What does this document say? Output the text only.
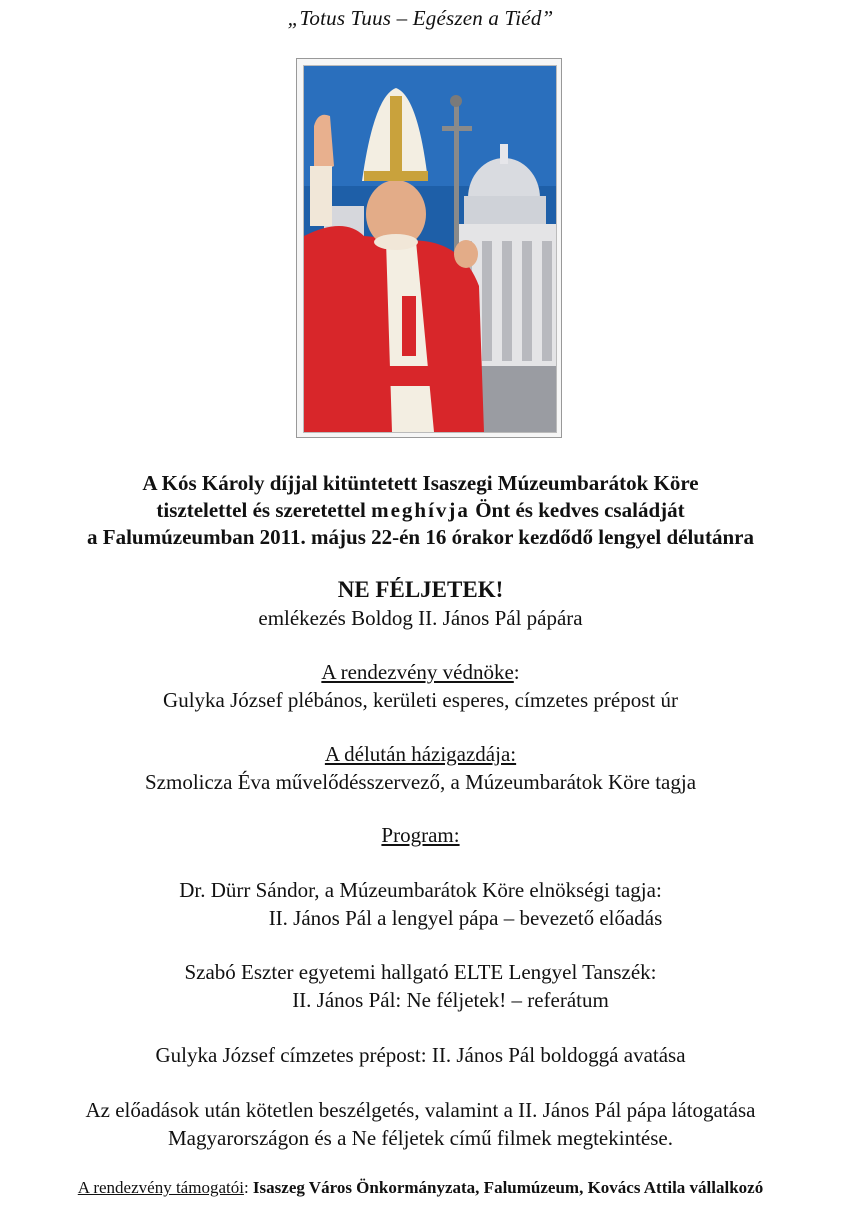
„Totus Tuus – Egészen a Tiéd”
A Kós Károly díjjal kitüntetett Isaszegi Múzeumbarátok Köre
tisztelettel és szeretettel meghívja Önt és kedves családját
a Falumúzeumban 2011. május 22-én 16 órakor kezdődő lengyel délutánra
NE FÉLJETEK!
emlékezés Boldog II. János Pál pápára
A rendezvény védnöke:
Gulyka József plébános, kerületi esperes, címzetes prépost úr
A délután házigazdája:
Szmolicza Éva művelődésszervező, a Múzeumbarátok Köre tagja
Program:
Dr. Dürr Sándor, a Múzeumbarátok Köre elnökségi tagja:
II. János Pál a lengyel pápa – bevezető előadás
Szabó Eszter egyetemi hallgató ELTE Lengyel Tanszék:
II. János Pál: Ne féljetek! – referátum
Gulyka József címzetes prépost: II. János Pál boldoggá avatása
Az előadások után kötetlen beszélgetés, valamint a II. János Pál pápa látogatása
Magyarországon és a Ne féljetek című filmek megtekintése.
A rendezvény támogatói: Isaszeg Város Önkormányzata, Falumúzeum, Kovács Attila vállalkozó
